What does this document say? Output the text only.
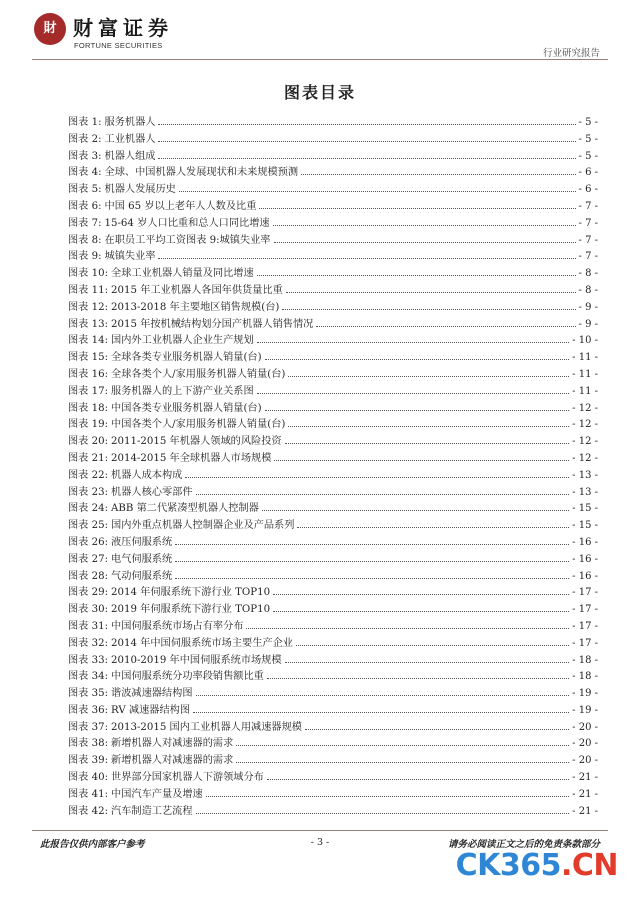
財 财富证券
FORTUNE SECURITIES
行业研究报告
图表目录
图表 1: 服务机器人	- 5 -
图表 2: 工业机器人	- 5 -
图表 3: 机器人组成	- 5 -
图表 4: 全球、中国机器人发展现状和未来规模预测	- 6 -
图表 5: 机器人发展历史	- 6 -
图表 6: 中国 65 岁以上老年人人数及比重	- 7 -
图表 7: 15-64 岁人口比重和总人口同比增速	- 7 -
图表 8: 在职员工平均工资图表 9:城镇失业率	- 7 -
图表 9: 城镇失业率	- 7 -
图表 10: 全球工业机器人销量及同比增速	- 8 -
图表 11: 2015 年工业机器人各国年供货量比重	- 8 -
图表 12: 2013-2018 年主要地区销售规模(台)	- 9 -
图表 13: 2015 年按机械结构划分国产机器人销售情况	- 9 -
图表 14: 国内外工业机器人企业生产规划	- 10 -
图表 15: 全球各类专业服务机器人销量(台)	- 11 -
图表 16: 全球各类个人/家用服务机器人销量(台)	- 11 -
图表 17: 服务机器人的上下游产业关系图	- 11 -
图表 18: 中国各类专业服务机器人销量(台)	- 12 -
图表 19: 中国各类个人/家用服务机器人销量(台)	- 12 -
图表 20: 2011-2015 年机器人领域的风险投资	- 12 -
图表 21: 2014-2015 年全球机器人市场规模	- 12 -
图表 22: 机器人成本构成	- 13 -
图表 23: 机器人核心零部件	- 13 -
图表 24: ABB 第二代紧凑型机器人控制器	- 15 -
图表 25: 国内外重点机器人控制器企业及产品系列	- 15 -
图表 26: 液压伺服系统	- 16 -
图表 27: 电气伺服系统	- 16 -
图表 28: 气动伺服系统	- 16 -
图表 29: 2014 年伺服系统下游行业 TOP10	- 17 -
图表 30: 2019 年伺服系统下游行业 TOP10	- 17 -
图表 31: 中国伺服系统市场占有率分布	- 17 -
图表 32: 2014 年中国伺服系统市场主要生产企业	- 17 -
图表 33: 2010-2019 年中国伺服系统市场规模	- 18 -
图表 34: 中国伺服系统分功率段销售额比重	- 18 -
图表 35: 谐波减速器结构图	- 19 -
图表 36: RV 减速器结构图	- 19 -
图表 37: 2013-2015 国内工业机器人用减速器规模	- 20 -
图表 38: 新增机器人对减速器的需求	- 20 -
图表 39: 新增机器人对减速器的需求	- 20 -
图表 40: 世界部分国家机器人下游领域分布	- 21 -
图表 41: 中国汽车产量及增速	- 21 -
图表 42: 汽车制造工艺流程	- 21 -
此报告仅供内部客户参考	- 3 -	请务必阅读正文之后的免责条款部分
CK365.CN
